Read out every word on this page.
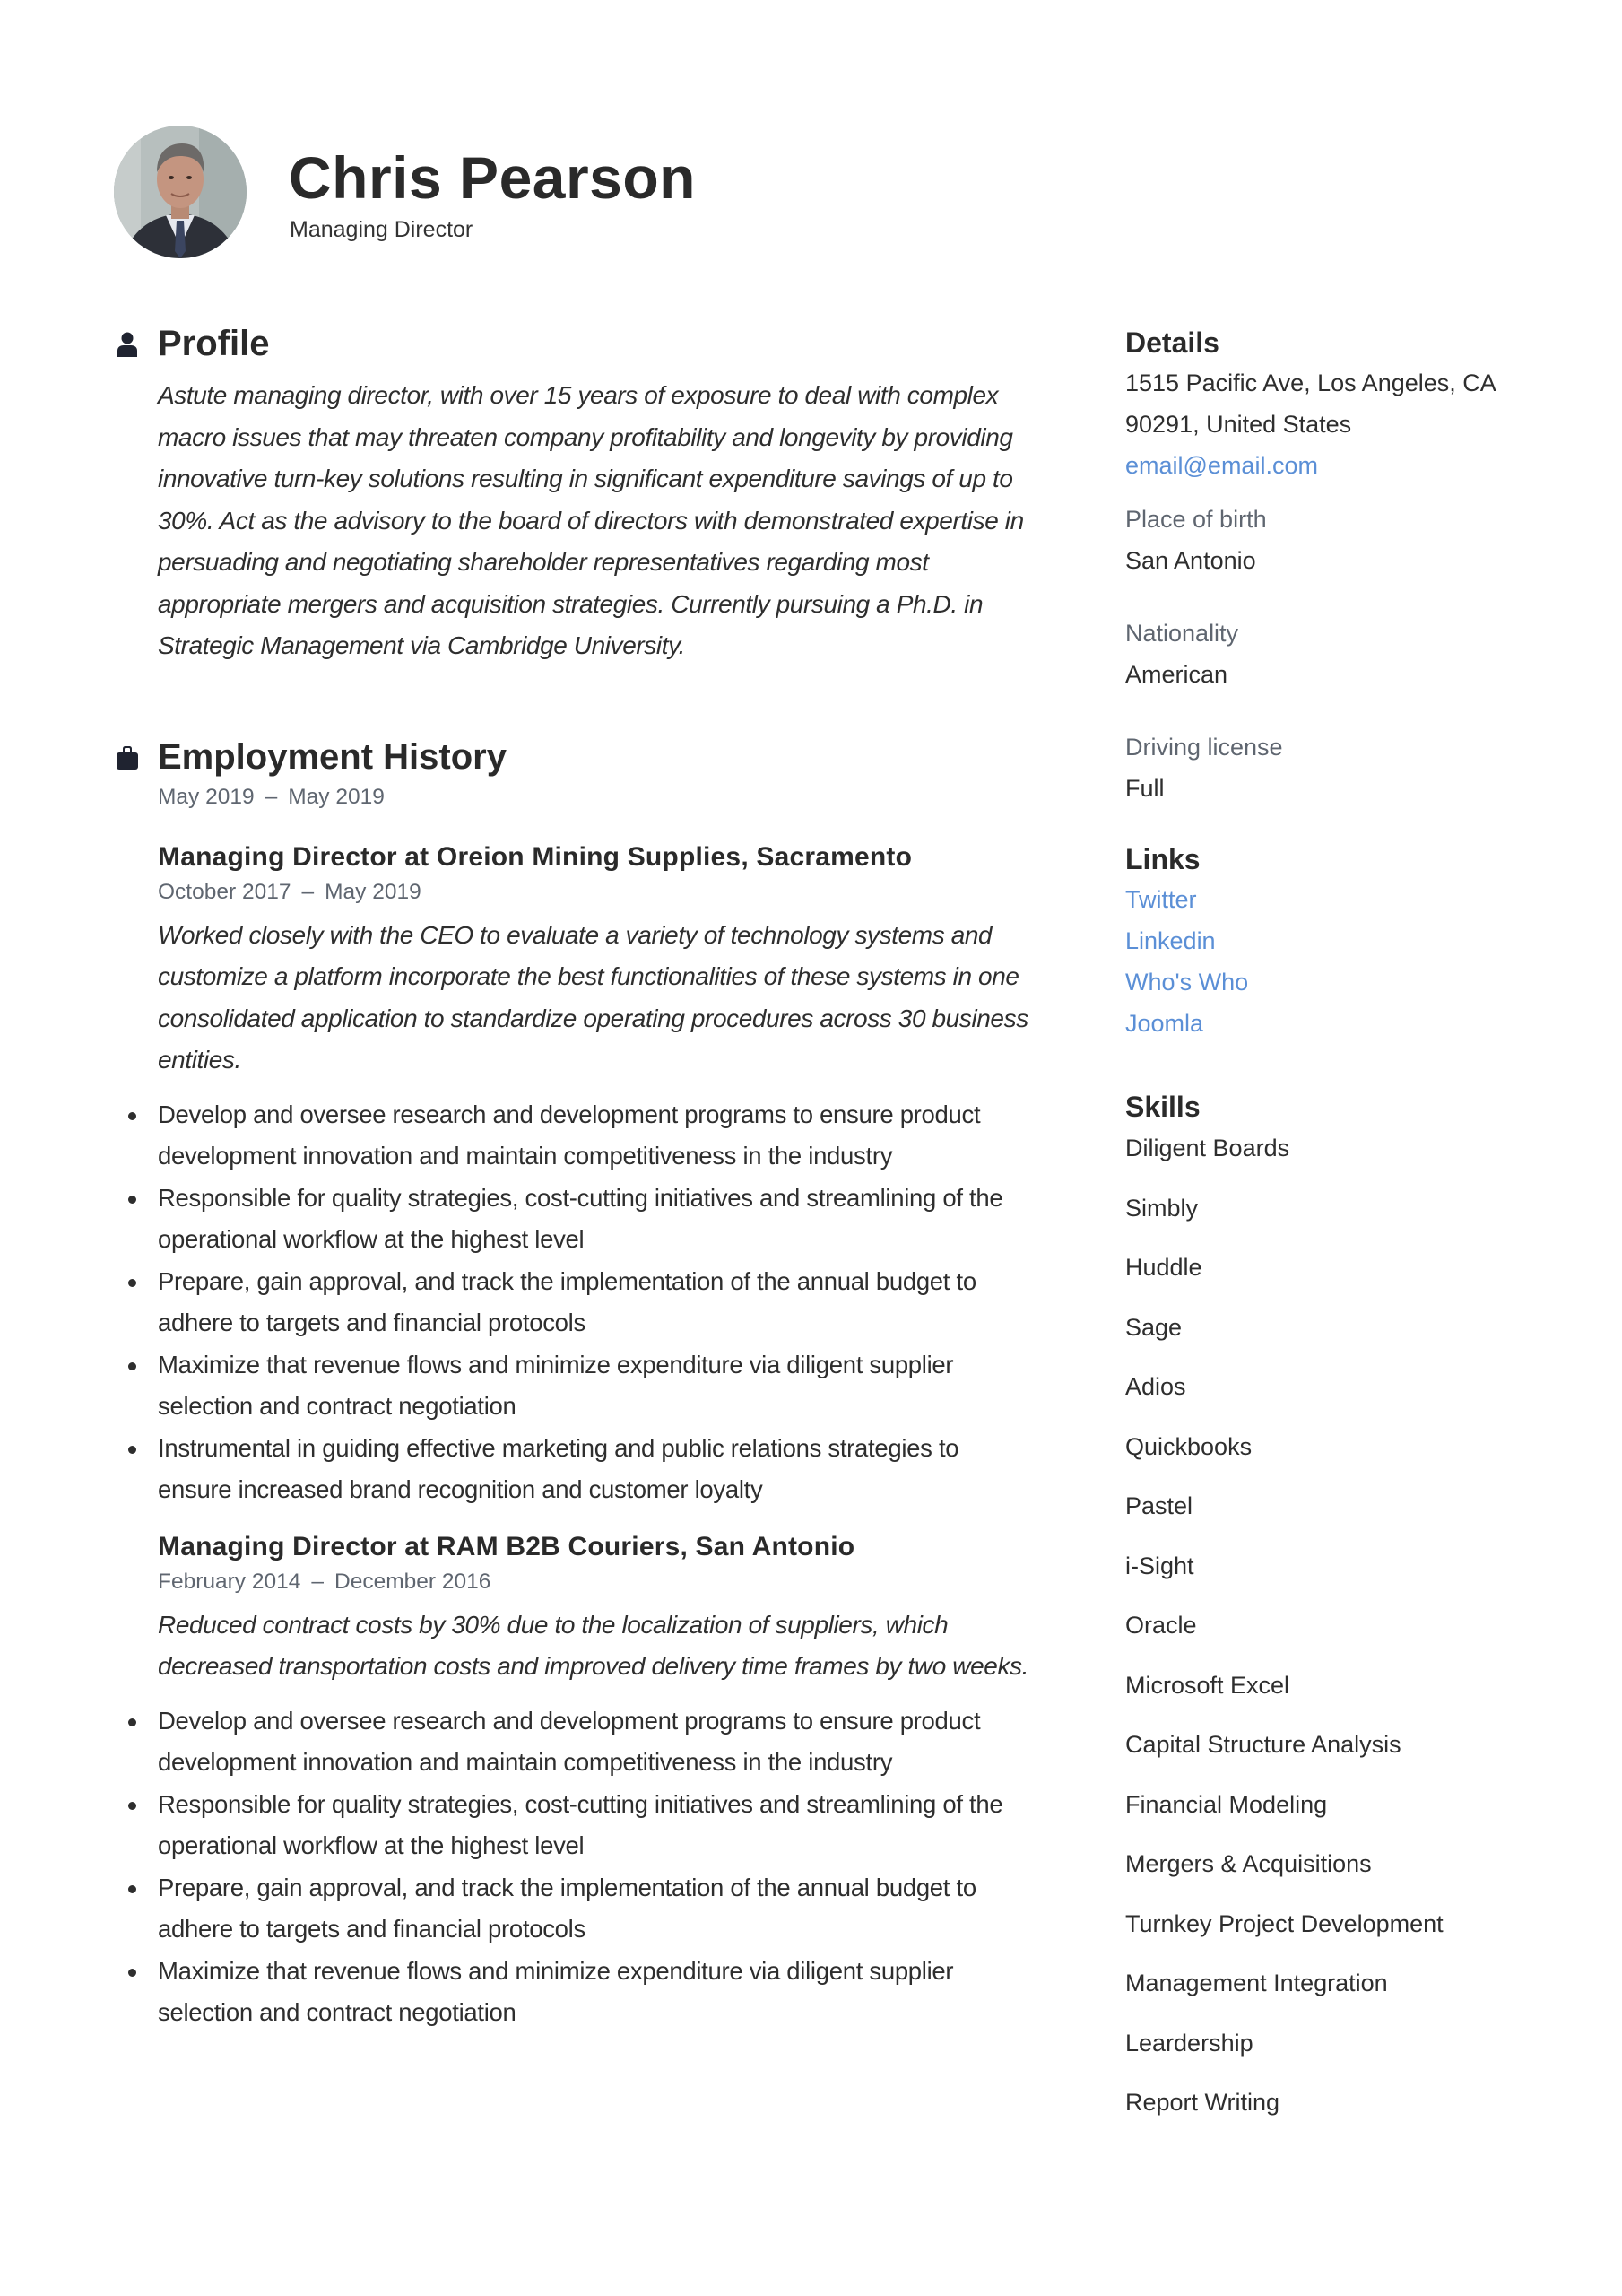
Chris Pearson
Managing Director
Profile

Astute managing director, with over 15 years of exposure to deal with complex macro issues that may threaten company profitability and longevity by providing innovative turn-key solutions resulting in significant expenditure savings of up to 30%. Act as the advisory to the board of directors with demonstrated expertise in persuading and negotiating shareholder representatives regarding most appropriate mergers and acquisition strategies. Currently pursuing a Ph.D. in Strategic Management via Cambridge University.

Employment History
May 2019 – May 2019
Managing Director at Oreion Mining Supplies, Sacramento
October 2017 – May 2019

Worked closely with the CEO to evaluate a variety of technology systems and customize a platform incorporate the best functionalities of these systems in one consolidated application to standardize operating procedures across 30 business entities.

Develop and oversee research and development programs to ensure product development innovation and maintain competitiveness in the industry
Responsible for quality strategies, cost-cutting initiatives and streamlining of the operational workflow at the highest level
Prepare, gain approval, and track the implementation of the annual budget to adhere to targets and financial protocols
Maximize that revenue flows and minimize expenditure via diligent supplier selection and contract negotiation
Instrumental in guiding effective marketing and public relations strategies to ensure increased brand recognition and customer loyalty
Managing Director at RAM B2B Couriers, San Antonio
February 2014 – December 2016

Reduced contract costs by 30% due to the localization of suppliers, which decreased transportation costs and improved delivery time frames by two weeks.

Develop and oversee research and development programs to ensure product development innovation and maintain competitiveness in the industry
Responsible for quality strategies, cost-cutting initiatives and streamlining of the operational workflow at the highest level
Prepare, gain approval, and track the implementation of the annual budget to adhere to targets and financial protocols
Maximize that revenue flows and minimize expenditure via diligent supplier selection and contract negotiation
Details
1515 Pacific Ave, Los Angeles, CA
90291, United States
email@email.com
Place of birth
San Antonio
Nationality
American
Driving license
Full
Links
Twitter
Linkedin
Who's Who
Joomla
Skills
Diligent Boards
Simbly
Huddle
Sage
Adios
Quickbooks
Pastel
i-Sight
Oracle
Microsoft Excel
Capital Structure Analysis
Financial Modeling
Mergers & Acquisitions
Turnkey Project Development
Management Integration
Leardership
Report Writing
